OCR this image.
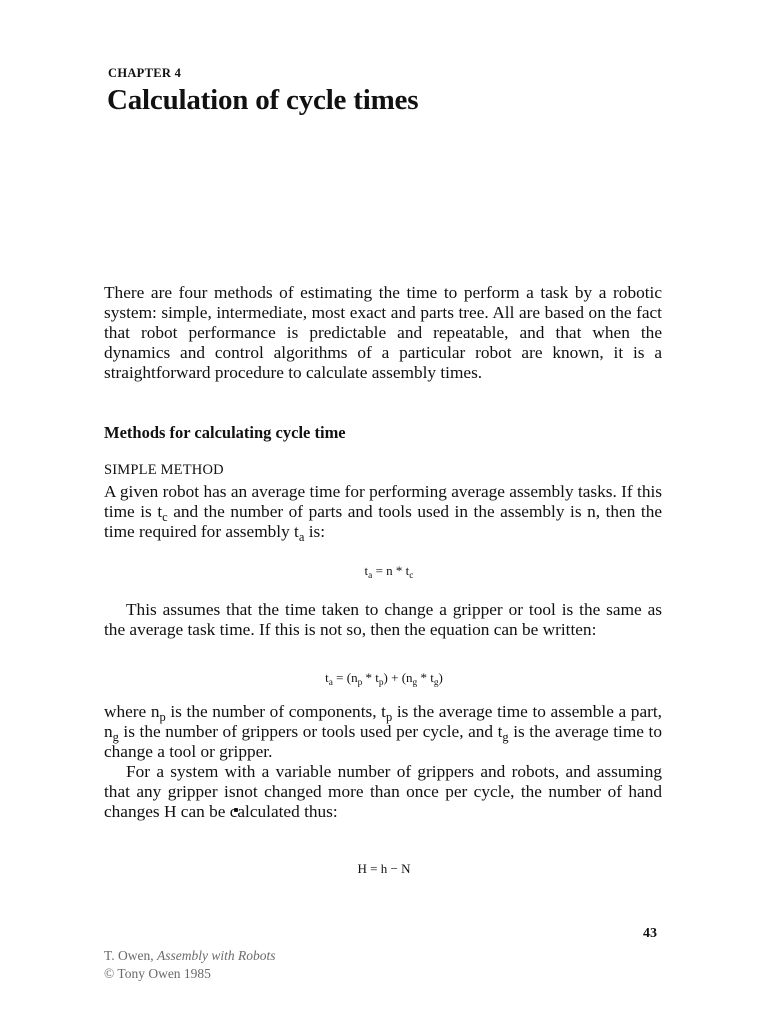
CHAPTER 4
Calculation of cycle times

There are four methods of estimating the time to perform a task by a robotic system: simple, intermediate, most exact and parts tree. All are based on the fact that robot performance is predictable and repeatable, and that when the dynamics and control algorithms of a particular robot are known, it is a straightforward procedure to calculate assembly times.

Methods for calculating cycle time
SIMPLE METHOD

A given robot has an average time for performing average assembly tasks. If this time is $t_c$ and the number of parts and tools used in the assembly is n, then the time required for assembly $t_a$ is:

$t_a = n * t_c$

This assumes that the time taken to change a gripper or tool is the same as the average task time. If this is not so, then the equation can be written:

$t_a = (n_p * t_p) + (n_g * t_g)$

where $n_p$ is the number of components, $t_p$ is the average time to assemble a part, $n_g$ is the number of grippers or tools used per cycle, and $t_g$ is the average time to change a tool or gripper.

For a system with a variable number of grippers and robots, and assuming that any gripper isnot changed more than once per cycle, the number of hand changes H can be calculated thus:

H = h − N
43
T. Owen, Assembly with Robots
© Tony Owen 1985
